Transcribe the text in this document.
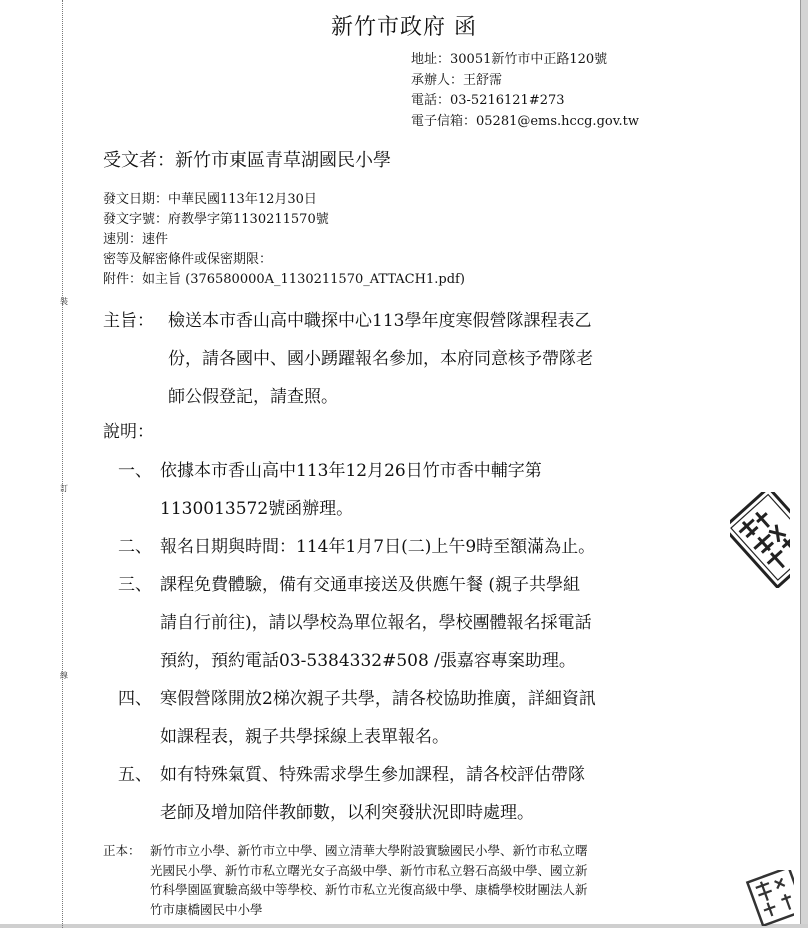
裝
訂
線
新竹市政府 函
地址：30051新竹市中正路120號
承辦人：王舒霈
電話：03-5216121#273
電子信箱：05281@ems.hccg.gov.tw
受文者：新竹市東區青草湖國民小學
發文日期：中華民國113年12月30日
發文字號：府教學字第1130211570號
速別：速件
密等及解密條件或保密期限：
附件：如主旨 (376580000A_1130211570_ATTACH1.pdf)
主旨： 檢送本市香山高中職探中心113學年度寒假營隊課程表乙
份，請各國中、國小踴躍報名參加，本府同意核予帶隊老
師公假登記，請查照。
說明：
一、 依據本市香山高中113年12月26日竹市香中輔字第
1130013572號函辦理。
二、 報名日期與時間：114年1月7日(二)上午9時至額滿為止。
三、 課程免費體驗，備有交通車接送及供應午餐 (親子共學組
請自行前往)，請以學校為單位報名，學校團體報名採電話
預約，預約電話03-5384332#508 /張嘉容專案助理。
四、 寒假營隊開放2梯次親子共學，請各校協助推廣，詳細資訊
如課程表，親子共學採線上表單報名。
五、 如有特殊氣質、特殊需求學生參加課程，請各校評估帶隊
老師及增加陪伴教師數，以利突發狀況即時處理。
正本： 新竹市立小學、新竹市立中學、國立清華大學附設實驗國民小學、新竹市私立曙
光國民小學、新竹市私立曙光女子高級中學、新竹市私立磐石高級中學、國立新
竹科學園區實驗高級中等學校、新竹市私立光復高級中學、康橋學校財團法人新
竹市康橋國民中小學
